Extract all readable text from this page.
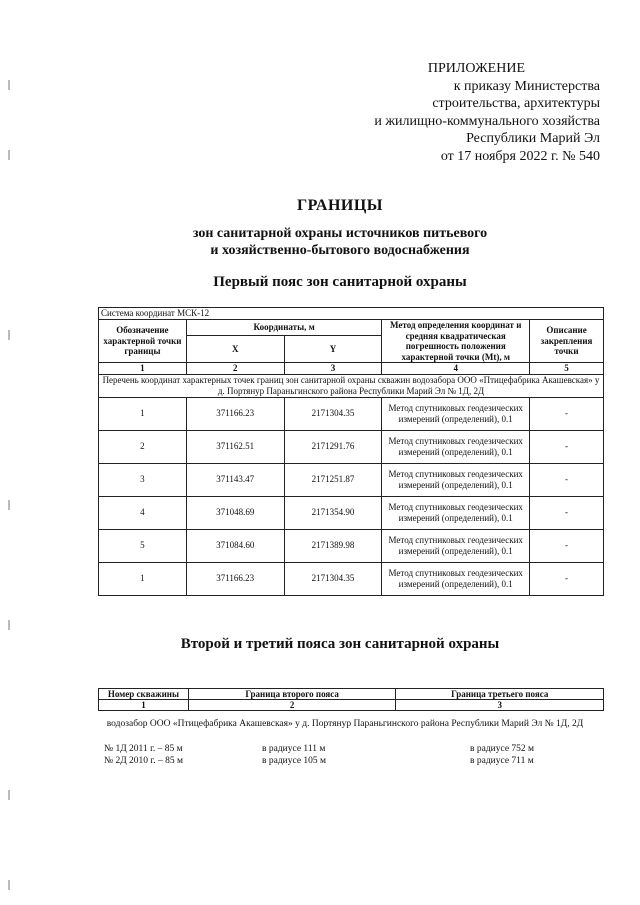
ПРИЛОЖЕНИЕ
к приказу Министерства
строительства, архитектуры
и жилищно-коммунального хозяйства
Республики Марий Эл
от 17 ноября 2022 г. № 540
ГРАНИЦЫ
зон санитарной охраны источников питьевого
и хозяйственно-бытового водоснабжения
Первый пояс зон санитарной охраны
Система координат МСК-12				
Обозначение характерной точки границы	Координаты, м		Метод определения координат и средняя квадратическая погрешность положения характерной точки (Mt), м	Описание закрепления точки
	X	Y		
1	2	3	4	5
Перечень координат характерных точек границ зон санитарной охраны скважин водозабора ООО «Птицефабрика Акашевская» у д. Портянур Параньгинского района Республики Марий Эл № 1Д, 2Д				
1	371166.23	2171304.35	Метод спутниковых геодезических измерений (определений), 0.1	-
2	371162.51	2171291.76	Метод спутниковых геодезических измерений (определений), 0.1	-
3	371143.47	2171251.87	Метод спутниковых геодезических измерений (определений), 0.1	-
4	371048.69	2171354.90	Метод спутниковых геодезических измерений (определений), 0.1	-
5	371084.60	2171389.98	Метод спутниковых геодезических измерений (определений), 0.1	-
1	371166.23	2171304.35	Метод спутниковых геодезических измерений (определений), 0.1	-
Второй и третий пояса зон санитарной охраны
Номер скважины	Граница второго пояса	Граница третьего пояса
1	2	3
водозабор ООО «Птицефабрика Акашевская» у д. Портянур Параньгинского района Республики Марий Эл № 1Д, 2Д
№ 1Д 2011 г. – 85 м	в радиусе 111 м	в радиусе 752 м
№ 2Д 2010 г. – 85 м	в радиусе 105 м	в радиусе 711 м
